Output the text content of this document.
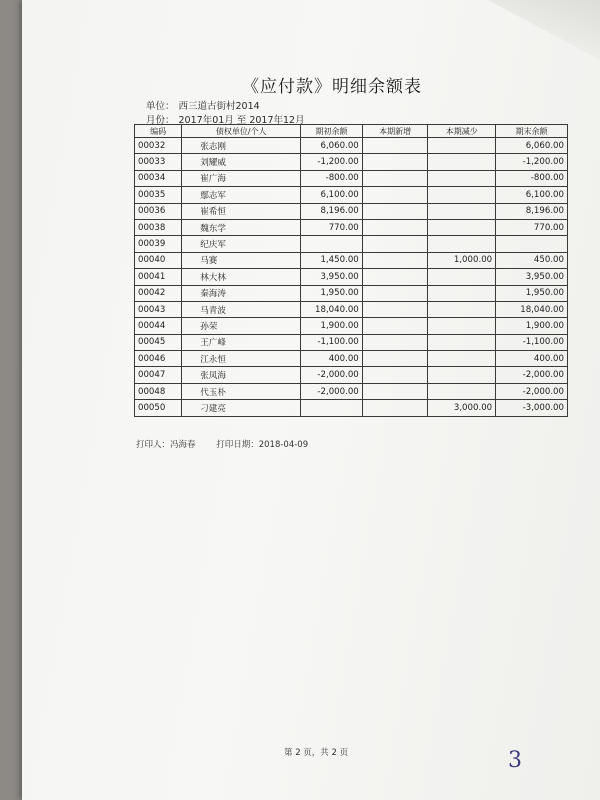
《应付款》明细余额表
单位： 西三道古街村2014
月份： 2017年01月 至 2017年12月
编码	债权单位/个人	期初余额	本期新增	本期减少	期末余额
00032	张志刚	6,060.00			6,060.00
00033	刘耀威	-1,200.00			-1,200.00
00034	崔广海	-800.00			-800.00
00035	鄢志军	6,100.00			6,100.00
00036	崔希恒	8,196.00			8,196.00
00038	魏东学	770.00			770.00
00039	纪庆军				
00040	马赛	1,450.00		1,000.00	450.00
00041	林大林	3,950.00			3,950.00
00042	秦海涛	1,950.00			1,950.00
00043	马青波	18,040.00			18,040.00
00044	孙荣	1,900.00			1,900.00
00045	王广峰	-1,100.00			-1,100.00
00046	江永恒	400.00			400.00
00047	张凤海	-2,000.00			-2,000.00
00048	代玉朴	-2,000.00			-2,000.00
00050	刁建亮			3,000.00	-3,000.00
打印人：冯海春 打印日期：2018-04-09
第 2 页，共 2 页	3
